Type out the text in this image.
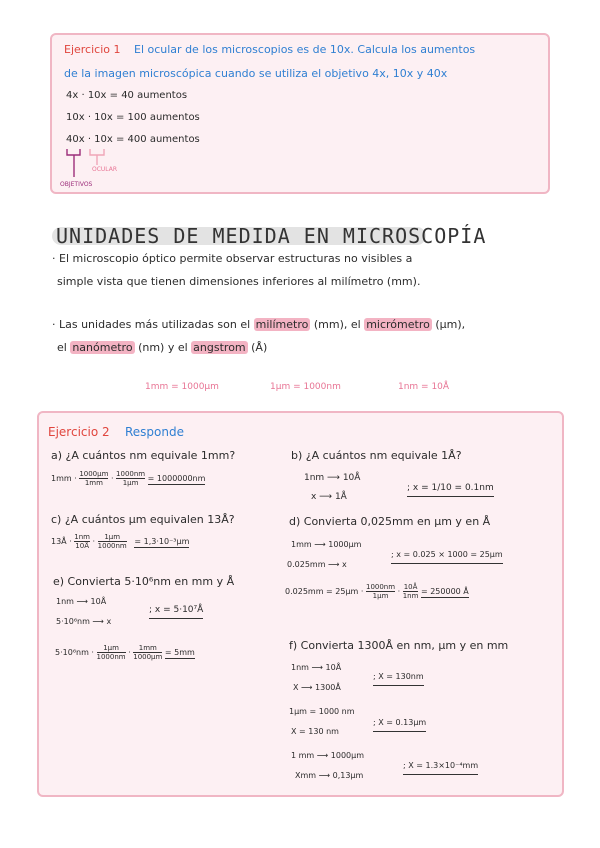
Ejercicio 1 El ocular de los microscopios es de 10x. Calcula los aumentos
de la imagen microscópica cuando se utiliza el objetivo 4x, 10x y 40x
4x · 10x = 40 aumentos
10x · 10x = 100 aumentos
40x · 10x = 400 aumentos
OCULAR
OBJETIVOS
UNIDADES DE MEDIDA EN MICROSCOPÍA
· El microscopio óptico permite observar estructuras no visibles a
simple vista que tienen dimensiones inferiores al milímetro (mm).
· Las unidades más utilizadas son el milímetro (mm), el micrómetro (µm),
el nanómetro (nm) y el angstrom (Å)
1mm = 1000µm	1µm = 1000nm	1nm = 10Å
Ejercicio 2 Responde
a) ¿A cuántos nm equivale 1mm?
$1mm \cdot \frac{\text{1000µm}}{1mm} \cdot \frac{1000nm}{\text{1µm}} = 1000000nm$
b) ¿A cuántos nm equivale 1Å?
1nm ⟶ 10Å
x ⟶ 1Å
; x = 1/10 = 0.1nm
c) ¿A cuántos µm equivalen 13Å?
13Å · $\frac{1nm}{10Å} \cdot \frac{\text{1µm}}{1000nm} = 1,3\cdot 10^{-3}\mu m$
d) Convierta 0,025mm en µm y en Å
1mm ⟶ 1000µm
0.025mm ⟶ x
; x = 0.025 × 1000 = 25µm
$0.025mm = 25\mu m \cdot \frac{1000nm}{\text{1µm}} \cdot \frac{10Å}{1nm} = 250000$ Å
e) Convierta 5·10⁶nm en mm y Å
1nm ⟶ 10Å
5·10⁶nm ⟶ x
; x = 5·10⁷Å
$5\cdot 10^6nm \cdot \frac{\text{1µm}}{1000nm} \cdot \frac{1mm}{\text{1000µm}} = 5mm$
f) Convierta 1300Å en nm, µm y en mm
1nm ⟶ 10Å
X ⟶ 1300Å
; X = 130nm
1µm = 1000 nm
X = 130 nm
; X = 0.13µm
1 mm ⟶ 1000µm
Xmm ⟶ 0,13µm
; X = 1.3×10⁻⁴mm
